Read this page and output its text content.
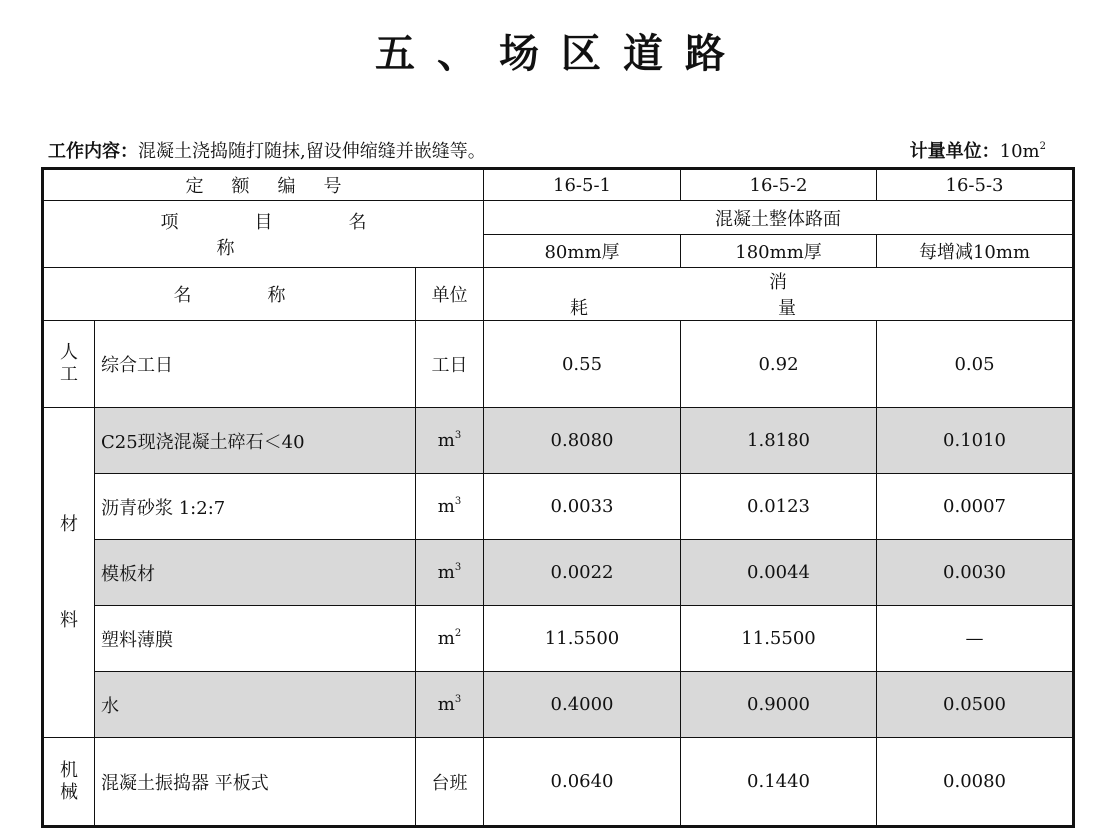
五、场区道路
工作内容：混凝土浇捣随打随抹,留设伸缩缝并嵌缝等。	计量单位：$10m^2$
定额编号			16-5-1	16-5-2	16-5-3
项目名称			混凝土整体路面		
			80mm厚	180mm厚	每增减10mm
名称		单位	消耗量		

人
工	综合工日	工日	0.55	0.92	0.05

材
料	C25现浇混凝土碎石＜40	$m^3$	0.8080	1.8180	0.1010
	沥青砂浆 1:2:7	$m^3$	0.0033	0.0123	0.0007
	模板材	$m^3$	0.0022	0.0044	0.0030
	塑料薄膜	$m^2$	11.5500	11.5500	—
	水	$m^3$	0.4000	0.9000	0.0500

机
械	混凝土振捣器 平板式	台班	0.0640	0.1440	0.0080
